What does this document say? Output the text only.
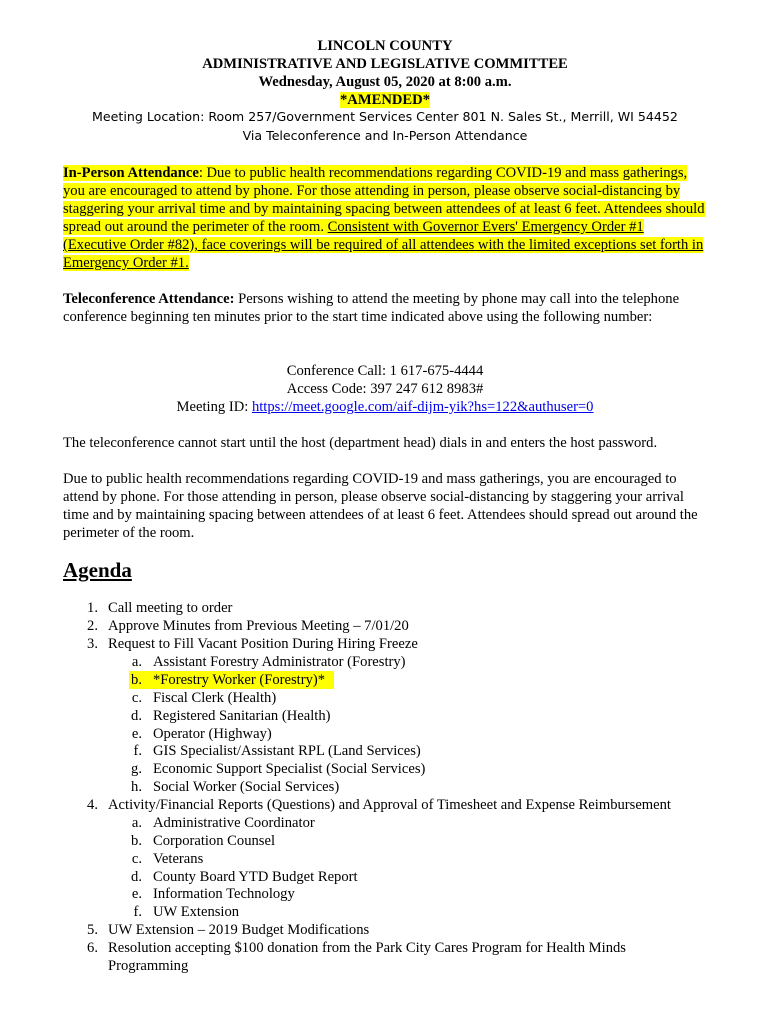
LINCOLN COUNTY
ADMINISTRATIVE AND LEGISLATIVE COMMITTEE
Wednesday, August 05, 2020 at 8:00 a.m.
*AMENDED*
Meeting Location: Room 257/Government Services Center 801 N. Sales St., Merrill, WI 54452
Via Teleconference and In-Person Attendance

In-Person Attendance: Due to public health recommendations regarding COVID-19 and mass gatherings, you are encouraged to attend by phone. For those attending in person, please observe social-distancing by staggering your arrival time and by maintaining spacing between attendees of at least 6 feet. Attendees should spread out around the perimeter of the room. Consistent with Governor Evers' Emergency Order #1 (Executive Order #82), face coverings will be required of all attendees with the limited exceptions set forth in Emergency Order #1.

Teleconference Attendance: Persons wishing to attend the meeting by phone may call into the telephone conference beginning ten minutes prior to the start time indicated above using the following number:

Conference Call: 1 617-675-4444
Access Code: 397 247 612 8983#
Meeting ID: https://meet.google.com/aif-dijm-yik?hs=122&authuser=0

The teleconference cannot start until the host (department head) dials in and enters the host password.

Due to public health recommendations regarding COVID-19 and mass gatherings, you are encouraged to attend by phone. For those attending in person, please observe social-distancing by staggering your arrival time and by maintaining spacing between attendees of at least 6 feet. Attendees should spread out around the perimeter of the room.

Agenda
1. Call meeting to order
2. Approve Minutes from Previous Meeting – 7/01/20
3. Request to Fill Vacant Position During Hiring Freeze
a. Assistant Forestry Administrator (Forestry)
b. *Forestry Worker (Forestry)*
c. Fiscal Clerk (Health)
d. Registered Sanitarian (Health)
e. Operator (Highway)
f. GIS Specialist/Assistant RPL (Land Services)
g. Economic Support Specialist (Social Services)
h. Social Worker (Social Services)
4. Activity/Financial Reports (Questions) and Approval of Timesheet and Expense Reimbursement
a. Administrative Coordinator
b. Corporation Counsel
c. Veterans
d. County Board YTD Budget Report
e. Information Technology
f. UW Extension
5. UW Extension – 2019 Budget Modifications
6. Resolution accepting $100 donation from the Park City Cares Program for Health Minds
Programming
